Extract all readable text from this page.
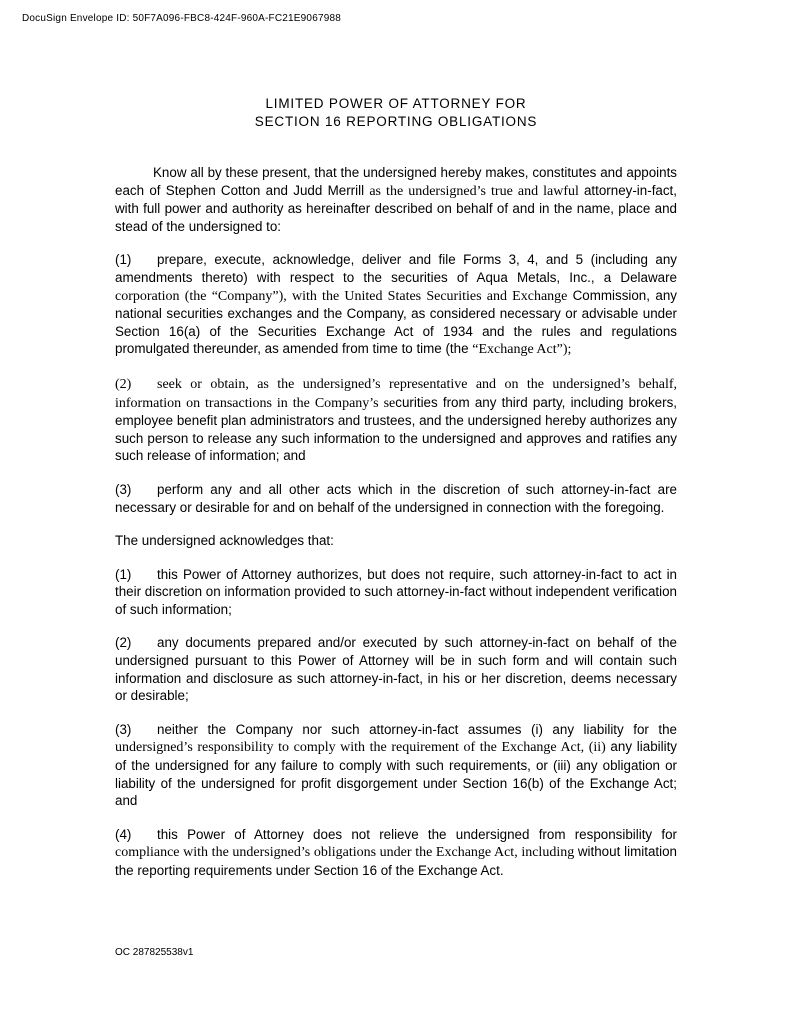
DocuSign Envelope ID: 50F7A096-FBC8-424F-960A-FC21E9067988
LIMITED POWER OF ATTORNEY FOR
SECTION 16 REPORTING OBLIGATIONS

Know all by these present, that the undersigned hereby makes, constitutes and appoints each of Stephen Cotton and Judd Merrill as the undersigned’s true and lawful attorney-in-fact, with full power and authority as hereinafter described on behalf of and in the name, place and stead of the undersigned to:

(1) prepare, execute, acknowledge, deliver and file Forms 3, 4, and 5 (including any amendments thereto) with respect to the securities of Aqua Metals, Inc., a Delaware corporation (the “Company”), with the United States Securities and Exchange Commission, any national securities exchanges and the Company, as considered necessary or advisable under Section 16(a) of the Securities Exchange Act of 1934 and the rules and regulations promulgated thereunder, as amended from time to time (the “Exchange Act”);

(2) seek or obtain, as the undersigned’s representative and on the undersigned’s behalf, information on transactions in the Company’s securities from any third party, including brokers, employee benefit plan administrators and trustees, and the undersigned hereby authorizes any such person to release any such information to the undersigned and approves and ratifies any such release of information; and

(3) perform any and all other acts which in the discretion of such attorney-in-fact are necessary or desirable for and on behalf of the undersigned in connection with the foregoing.

The undersigned acknowledges that:

(1) this Power of Attorney authorizes, but does not require, such attorney-in-fact to act in their discretion on information provided to such attorney-in-fact without independent verification of such information;

(2) any documents prepared and/or executed by such attorney-in-fact on behalf of the undersigned pursuant to this Power of Attorney will be in such form and will contain such information and disclosure as such attorney-in-fact, in his or her discretion, deems necessary or desirable;

(3) neither the Company nor such attorney-in-fact assumes (i) any liability for the undersigned’s responsibility to comply with the requirement of the Exchange Act, (ii) any liability of the undersigned for any failure to comply with such requirements, or (iii) any obligation or liability of the undersigned for profit disgorgement under Section 16(b) of the Exchange Act; and

(4) this Power of Attorney does not relieve the undersigned from responsibility for compliance with the undersigned’s obligations under the Exchange Act, including without limitation the reporting requirements under Section 16 of the Exchange Act.

OC 287825538v1
